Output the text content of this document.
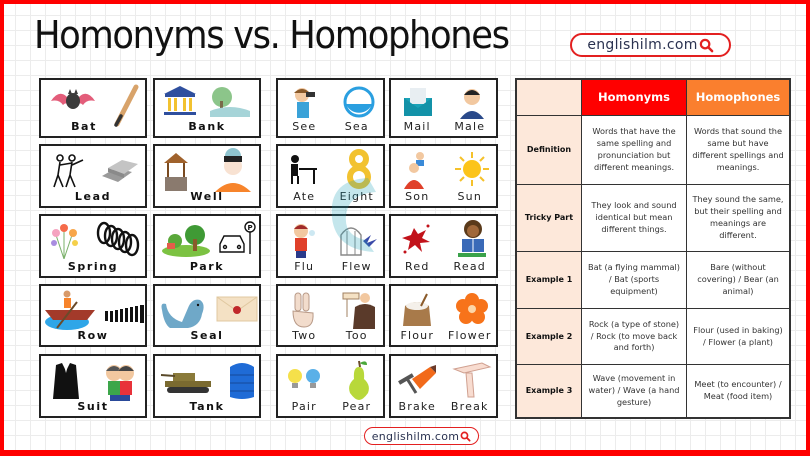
Homonyms vs. Homophones	englishilm.com
Bat	Bank
Lead	Well
Spring
P
Park
Row	Seal
Suit	Tank
See	Sea	Mail	Male
Ate	Eight	Son	Sun
Flu	Flew	Red	Read
Two	Too	Flour	Flower
Pair	Pear	Brake	Break
Homonyms	Homophones
Definition
Words that have the same spelling and pronunciation but different meanings.
Words that sound the same but have different spellings and meanings.
Tricky Part
They look and sound identical but mean different things.
They sound the same, but their spelling and meanings are different.
Example 1
Bat (a flying mammal) / Bat (sports equipment)
Bare (without covering) / Bear (an animal)
Example 2
Rock (a type of stone) / Rock (to move back and forth)
Flour (used in baking) / Flower (a plant)
Example 3
Wave (movement in water) / Wave (a hand gesture)
Meet (to encounter) / Meat (food item)
englishilm.com
